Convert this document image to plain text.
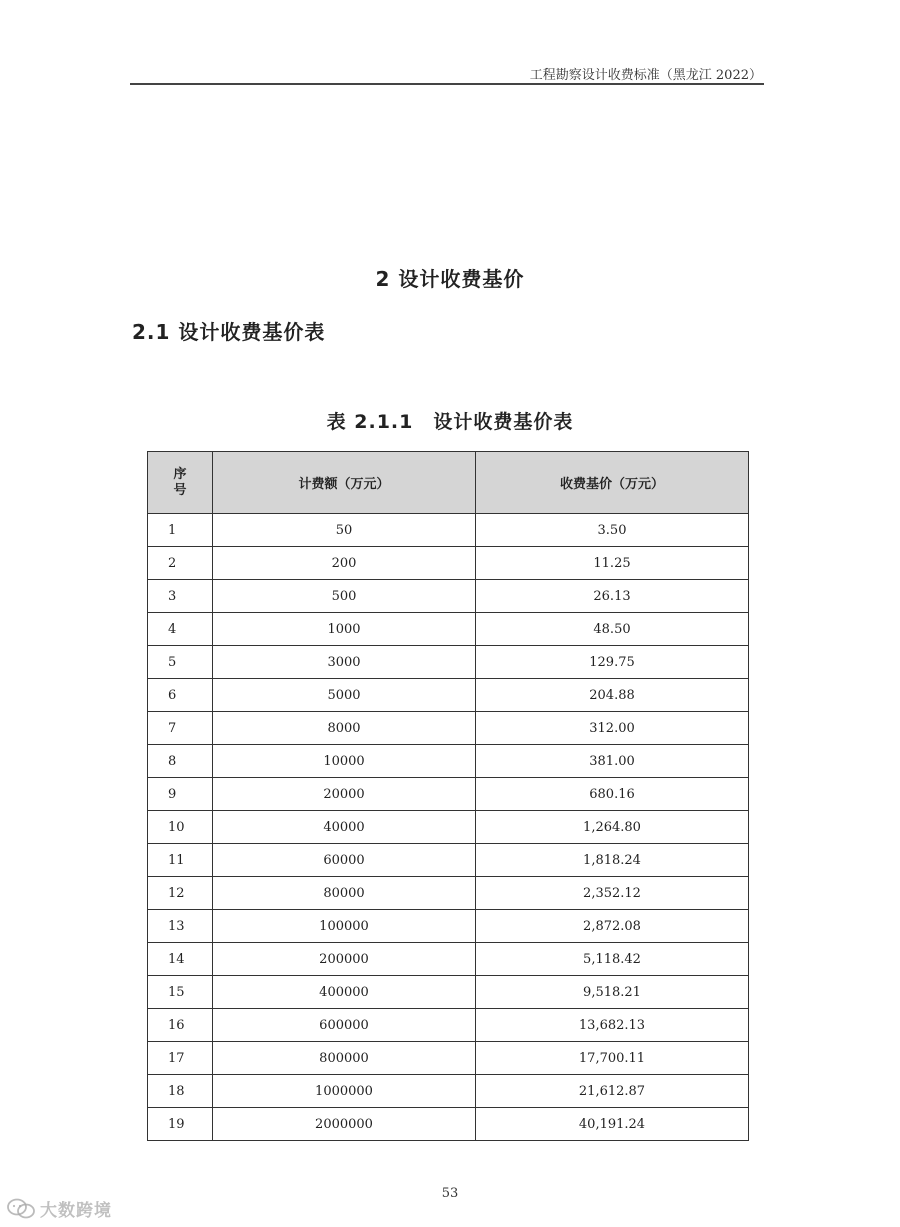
工程勘察设计收费标准（黑龙江 2022）
2 设计收费基价
2.1 设计收费基价表
表 2.1.1　设计收费基价表
序
号	计费额（万元）	收费基价（万元）
1	50	3.50
2	200	11.25
3	500	26.13
4	1000	48.50
5	3000	129.75
6	5000	204.88
7	8000	312.00
8	10000	381.00
9	20000	680.16
10	40000	1,264.80
11	60000	1,818.24
12	80000	2,352.12
13	100000	2,872.08
14	200000	5,118.42
15	400000	9,518.21
16	600000	13,682.13
17	800000	17,700.11
18	1000000	21,612.87
19	2000000	40,191.24
53
大数跨境
